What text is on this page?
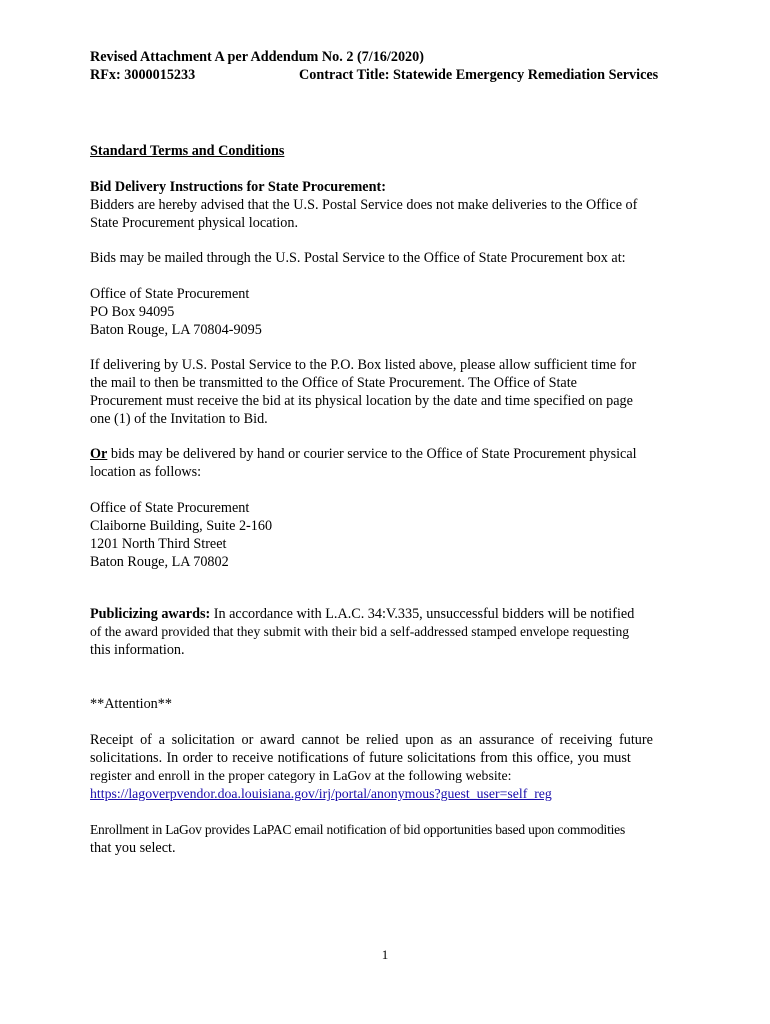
Revised Attachment A per Addendum No. 2 (7/16/2020)
RFx: 3000015233	Contract Title: Statewide Emergency Remediation Services
Standard Terms and Conditions
Bid Delivery Instructions for State Procurement:
Bidders are hereby advised that the U.S. Postal Service does not make deliveries to the Office of
State Procurement physical location.
Bids may be mailed through the U.S. Postal Service to the Office of State Procurement box at:
Office of State Procurement
PO Box 94095
Baton Rouge, LA 70804-9095
If delivering by U.S. Postal Service to the P.O. Box listed above, please allow sufficient time for
the mail to then be transmitted to the Office of State Procurement. The Office of State
Procurement must receive the bid at its physical location by the date and time specified on page
one (1) of the Invitation to Bid.
Or bids may be delivered by hand or courier service to the Office of State Procurement physical
location as follows:
Office of State Procurement
Claiborne Building, Suite 2-160
1201 North Third Street
Baton Rouge, LA 70802
Publicizing awards: In accordance with L.A.C. 34:V.335, unsuccessful bidders will be notified
of the award provided that they submit with their bid a self-addressed stamped envelope requesting
this information.
**Attention**
Receipt of a solicitation or award cannot be relied upon as an assurance of receiving future
solicitations. In order to receive notifications of future solicitations from this office, you must
register and enroll in the proper category in LaGov at the following website:
https://lagoverpvendor.doa.louisiana.gov/irj/portal/anonymous?guest_user=self_reg
Enrollment in LaGov provides LaPAC email notification of bid opportunities based upon commodities
that you select.
1
